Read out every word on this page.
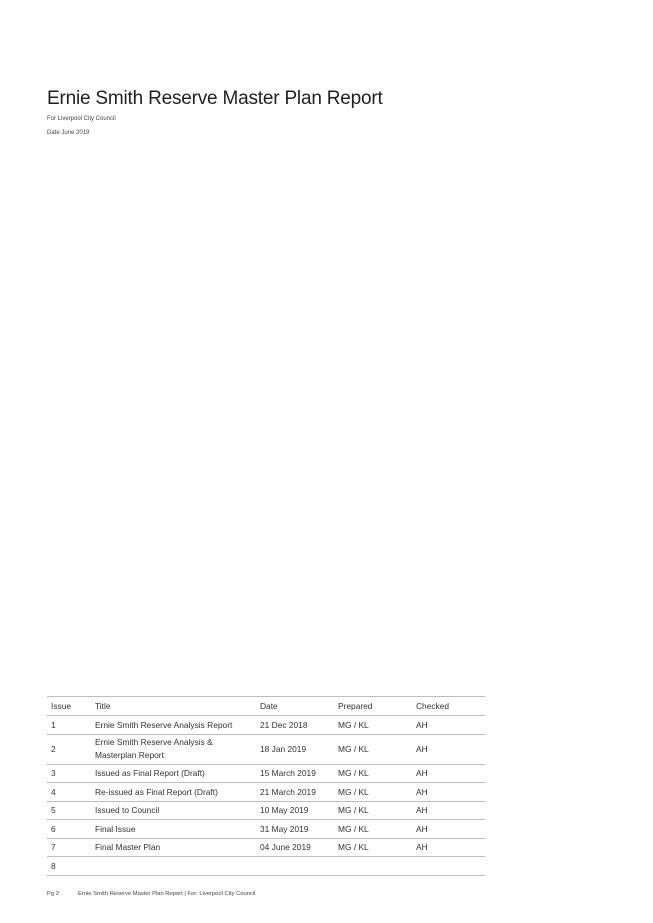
Ernie Smith Reserve Master Plan Report
For Liverpool City Council
Date June 2019
Issue	Title	Date	Prepared	Checked
1	Ernie Smith Reserve Analysis Report	21 Dec 2018	MG / KL	AH
2	Ernie Smith Reserve Analysis &
Masterplan Report	18 Jan 2019	MG / KL	AH
3	Issued as Final Report (Draft)	15 March 2019	MG / KL	AH
4	Re-issued as Final Report (Draft)	21 March 2019	MG / KL	AH
5	Issued to Council	10 May 2019	MG / KL	AH
6	Final Issue	31 May 2019	MG / KL	AH
7	Final Master Plan	04 June 2019	MG / KL	AH
8				
Pg 2	Ernie Smith Reserve Master Plan Report | For: Liverpool City Council
